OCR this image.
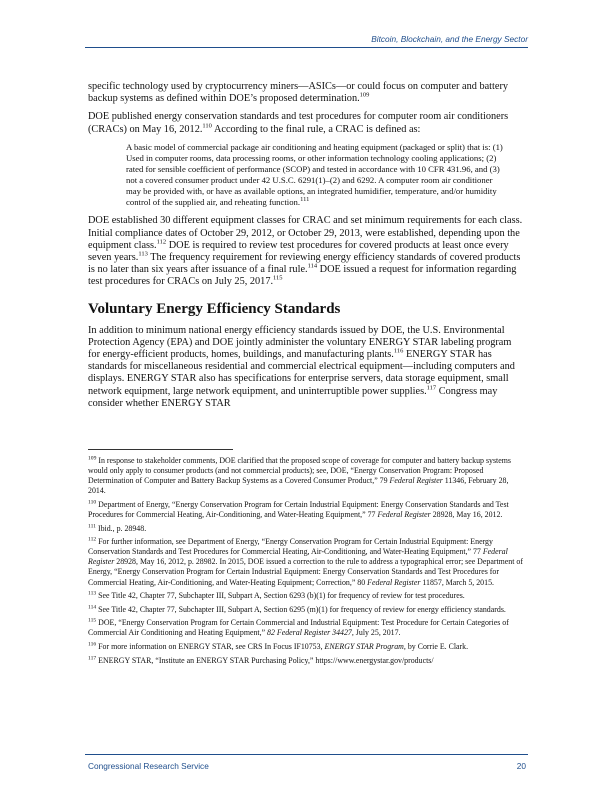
Bitcoin, Blockchain, and the Energy Sector

specific technology used by cryptocurrency miners—ASICs—or could focus on computer and battery backup systems as defined within DOE’s proposed determination.$^{109}$

DOE published energy conservation standards and test procedures for computer room air conditioners (CRACs) on May 16, 2012.$^{110}$ According to the final rule, a CRAC is defined as:

A basic model of commercial package air conditioning and heating equipment (packaged or split) that is: (1) Used in computer rooms, data processing rooms, or other information technology cooling applications; (2) rated for sensible coefficient of performance (SCOP) and tested in accordance with 10 CFR 431.96, and (3) not a covered consumer product under 42 U.S.C. 6291(1)–(2) and 6292. A computer room air conditioner may be provided with, or have as available options, an integrated humidifier, temperature, and/or humidity control of the supplied air, and reheating function.$^{111}$

DOE established 30 different equipment classes for CRAC and set minimum requirements for each class. Initial compliance dates of October 29, 2012, or October 29, 2013, were established, depending upon the equipment class.$^{112}$ DOE is required to review test procedures for covered products at least once every seven years.$^{113}$ The frequency requirement for reviewing energy efficiency standards of covered products is no later than six years after issuance of a final rule.$^{114}$ DOE issued a request for information regarding test procedures for CRACs on July 25, 2017.$^{115}$

Voluntary Energy Efficiency Standards

In addition to minimum national energy efficiency standards issued by DOE, the U.S. Environmental Protection Agency (EPA) and DOE jointly administer the voluntary ENERGY STAR labeling program for energy-efficient products, homes, buildings, and manufacturing plants.$^{116}$ ENERGY STAR has standards for miscellaneous residential and commercial electrical equipment—including computers and displays. ENERGY STAR also has specifications for enterprise servers, data storage equipment, small network equipment, large network equipment, and uninterruptible power supplies.$^{117}$ Congress may consider whether ENERGY STAR

$^{109}$ In response to stakeholder comments, DOE clarified that the proposed scope of coverage for computer and battery backup systems would only apply to consumer products (and not commercial products); see, DOE, “Energy Conservation Program: Proposed Determination of Computer and Battery Backup Systems as a Covered Consumer Product,” 79 Federal Register 11346, February 28, 2014.
$^{110}$ Department of Energy, “Energy Conservation Program for Certain Industrial Equipment: Energy Conservation Standards and Test Procedures for Commercial Heating, Air-Conditioning, and Water-Heating Equipment,” 77 Federal Register 28928, May 16, 2012.
$^{111}$ Ibid., p. 28948.
$^{112}$ For further information, see Department of Energy, “Energy Conservation Program for Certain Industrial Equipment: Energy Conservation Standards and Test Procedures for Commercial Heating, Air-Conditioning, and Water-Heating Equipment,” 77 Federal Register 28928, May 16, 2012, p. 28982. In 2015, DOE issued a correction to the rule to address a typographical error; see Department of Energy, “Energy Conservation Program for Certain Industrial Equipment: Energy Conservation Standards and Test Procedures for Commercial Heating, Air-Conditioning, and Water-Heating Equipment; Correction,” 80 Federal Register 11857, March 5, 2015.
$^{113}$ See Title 42, Chapter 77, Subchapter III, Subpart A, Section 6293 (b)(1) for frequency of review for test procedures.
$^{114}$ See Title 42, Chapter 77, Subchapter III, Subpart A, Section 6295 (m)(1) for frequency of review for energy efficiency standards.
$^{115}$ DOE, “Energy Conservation Program for Certain Commercial and Industrial Equipment: Test Procedure for Certain Categories of Commercial Air Conditioning and Heating Equipment,” 82 Federal Register 34427, July 25, 2017.
$^{116}$ For more information on ENERGY STAR, see CRS In Focus IF10753, ENERGY STAR Program, by Corrie E. Clark.
$^{117}$ ENERGY STAR, “Institute an ENERGY STAR Purchasing Policy,” https://www.energystar.gov/products/
Congressional Research Service	20
